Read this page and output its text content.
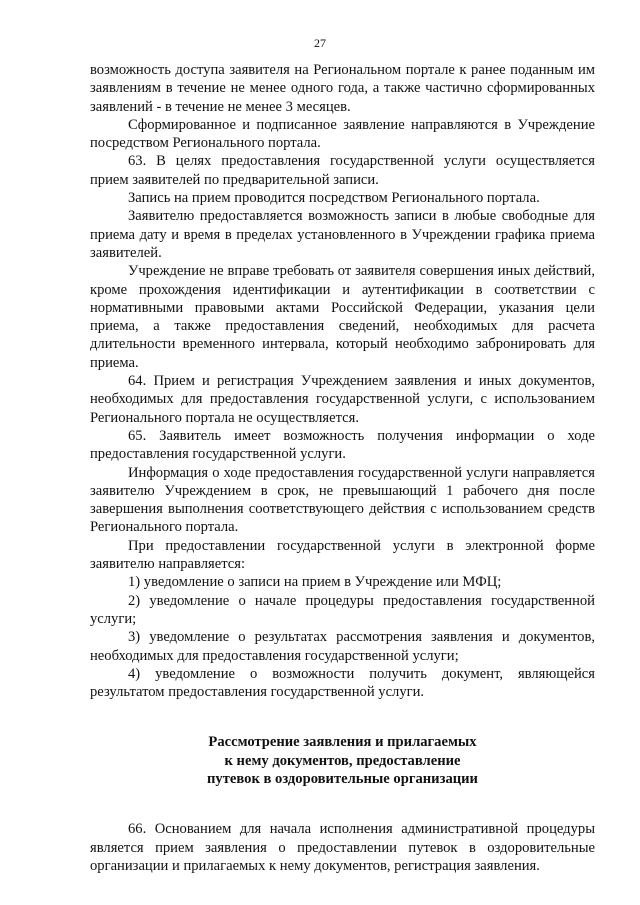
27

возможность доступа заявителя на Региональном портале к ранее поданным им заявлениям в течение не менее одного года, а также частично сформированных заявлений - в течение не менее 3 месяцев.

Сформированное и подписанное заявление направляются в Учреждение посредством Регионального портала.

63. В целях предоставления государственной услуги осуществляется прием заявителей по предварительной записи.

Запись на прием проводится посредством Регионального портала.

Заявителю предоставляется возможность записи в любые свободные для приема дату и время в пределах установленного в Учреждении графика приема заявителей.

Учреждение не вправе требовать от заявителя совершения иных действий, кроме прохождения идентификации и аутентификации в соответствии с нормативными правовыми актами Российской Федерации, указания цели приема, а также предоставления сведений, необходимых для расчета длительности временного интервала, который необходимо забронировать для приема.

64. Прием и регистрация Учреждением заявления и иных документов, необходимых для предоставления государственной услуги, с использованием Регионального портала не осуществляется.

65. Заявитель имеет возможность получения информации о ходе предоставления государственной услуги.

Информация о ходе предоставления государственной услуги направляется заявителю Учреждением в срок, не превышающий 1 рабочего дня после завершения выполнения соответствующего действия с использованием средств Регионального портала.

При предоставлении государственной услуги в электронной форме заявителю направляется:

1) уведомление о записи на прием в Учреждение или МФЦ;

2) уведомление о начале процедуры предоставления государственной услуги;

3) уведомление о результатах рассмотрения заявления и документов, необходимых для предоставления государственной услуги;

4) уведомление о возможности получить документ, являющейся результатом предоставления государственной услуги.

Рассмотрение заявления и прилагаемых

к нему документов, предоставление

путевок в оздоровительные организации

66. Основанием для начала исполнения административной процедуры является прием заявления о предоставлении путевок в оздоровительные организации и прилагаемых к нему документов, регистрация заявления.
